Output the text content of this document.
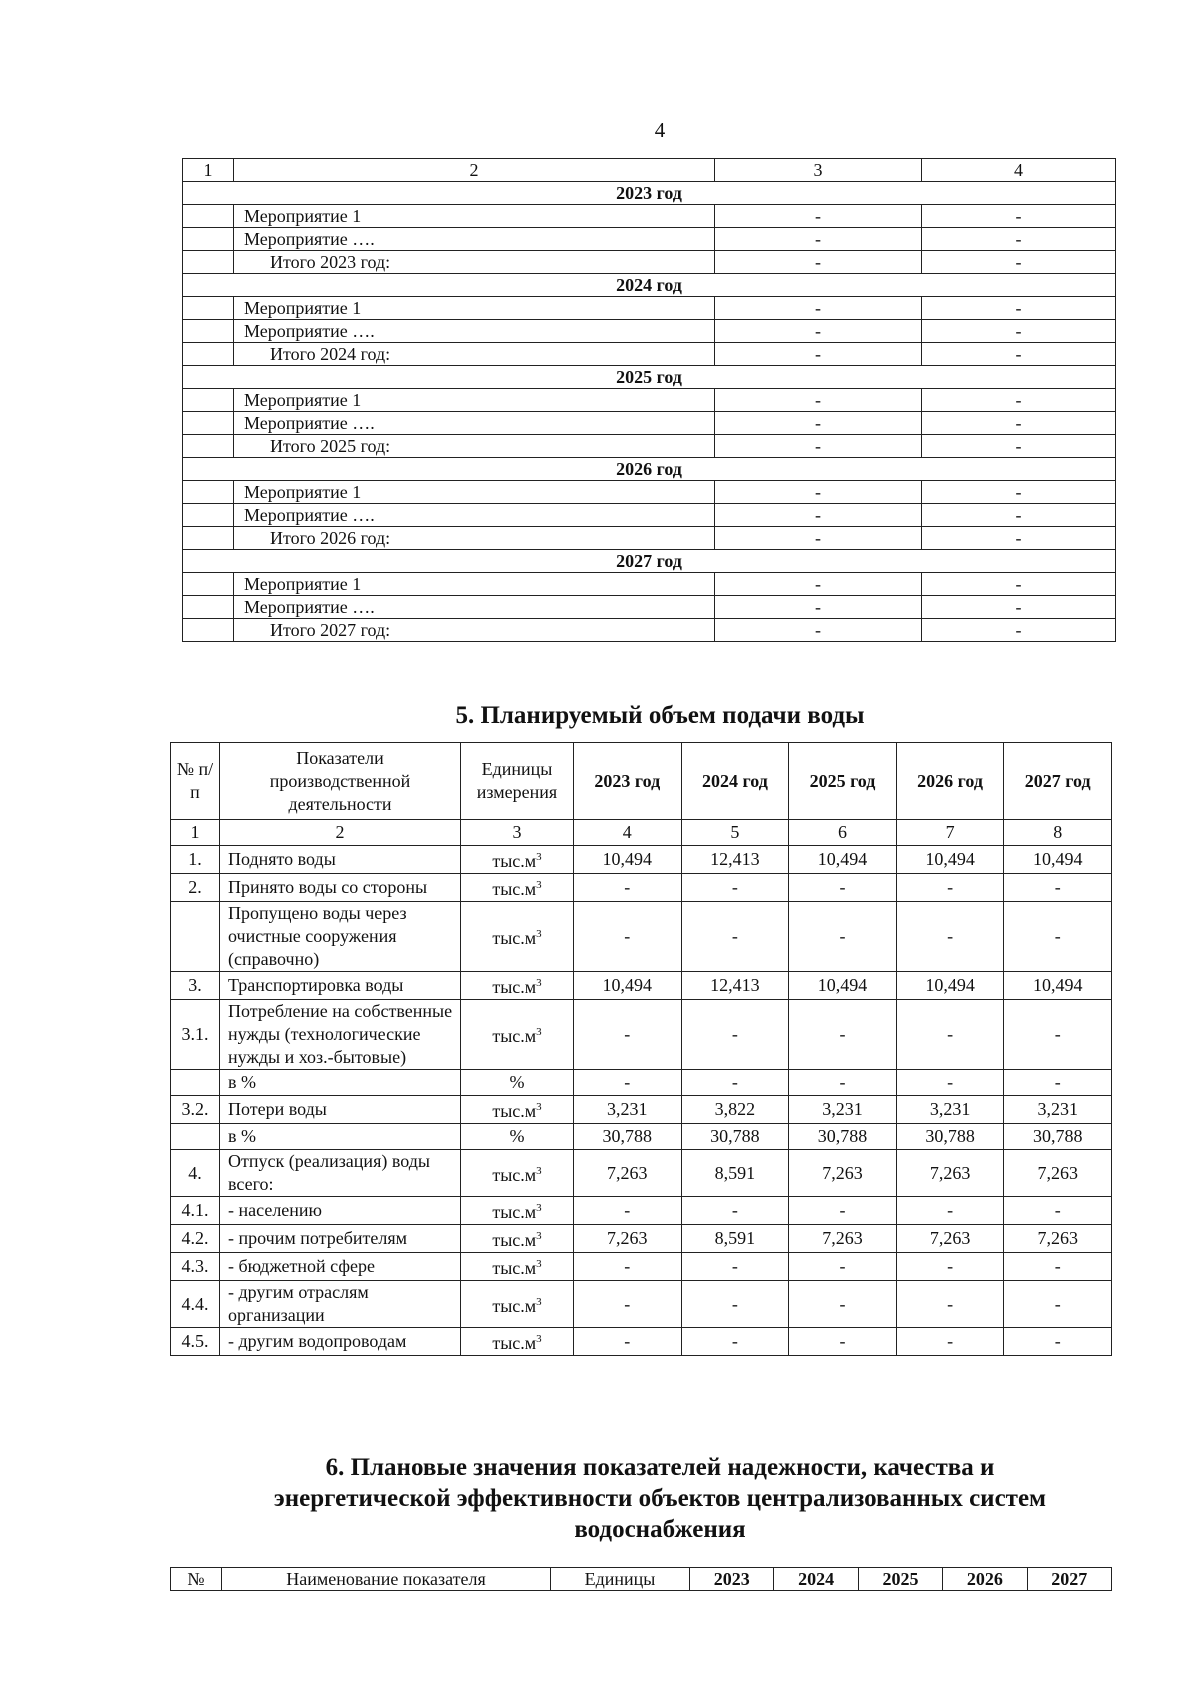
4
1	2	3	4
2023 год			
	Мероприятие 1	-	-
	Мероприятие ….	-	-
	Итого 2023 год:	-	-
2024 год			
	Мероприятие 1	-	-
	Мероприятие ….	-	-
	Итого 2024 год:	-	-
2025 год			
	Мероприятие 1	-	-
	Мероприятие ….	-	-
	Итого 2025 год:	-	-
2026 год			
	Мероприятие 1	-	-
	Мероприятие ….	-	-
	Итого 2026 год:	-	-
2027 год			
	Мероприятие 1	-	-
	Мероприятие ….	-	-
	Итого 2027 год:	-	-
5. Планируемый объем подачи воды
№ п/п	Показатели производственной деятельности	Единицы измерения	2023 год	2024 год	2025 год	2026 год	2027 год
1	2	3	4	5	6	7	8
1.	Поднято воды	$тыс.м^3$	10,494	12,413	10,494	10,494	10,494
2.	Принято воды со стороны	$тыс.м^3$	-	-	-	-	-
	Пропущено воды через очистные сооружения (справочно)	$тыс.м^3$	-	-	-	-	-
3.	Транспортировка воды	$тыс.м^3$	10,494	12,413	10,494	10,494	10,494
3.1.	Потребление на собственные нужды (технологические нужды и хоз.-бытовые)	$тыс.м^3$	-	-	-	-	-
	в %	%	-	-	-	-	-
3.2.	Потери воды	$тыс.м^3$	3,231	3,822	3,231	3,231	3,231
	в %	%	30,788	30,788	30,788	30,788	30,788
4.	Отпуск (реализация) воды всего:	$тыс.м^3$	7,263	8,591	7,263	7,263	7,263
4.1.	- населению	$тыс.м^3$	-	-	-	-	-
4.2.	- прочим потребителям	$тыс.м^3$	7,263	8,591	7,263	7,263	7,263
4.3.	- бюджетной сфере	$тыс.м^3$	-	-	-	-	-
4.4.	- другим отраслям организации	$тыс.м^3$	-	-	-	-	-
4.5.	- другим водопроводам	$тыс.м^3$	-	-	-	-	-
6. Плановые значения показателей надежности, качества и
энергетической эффективности объектов централизованных систем
водоснабжения
№	Наименование показателя	Единицы	2023	2024	2025	2026	2027
